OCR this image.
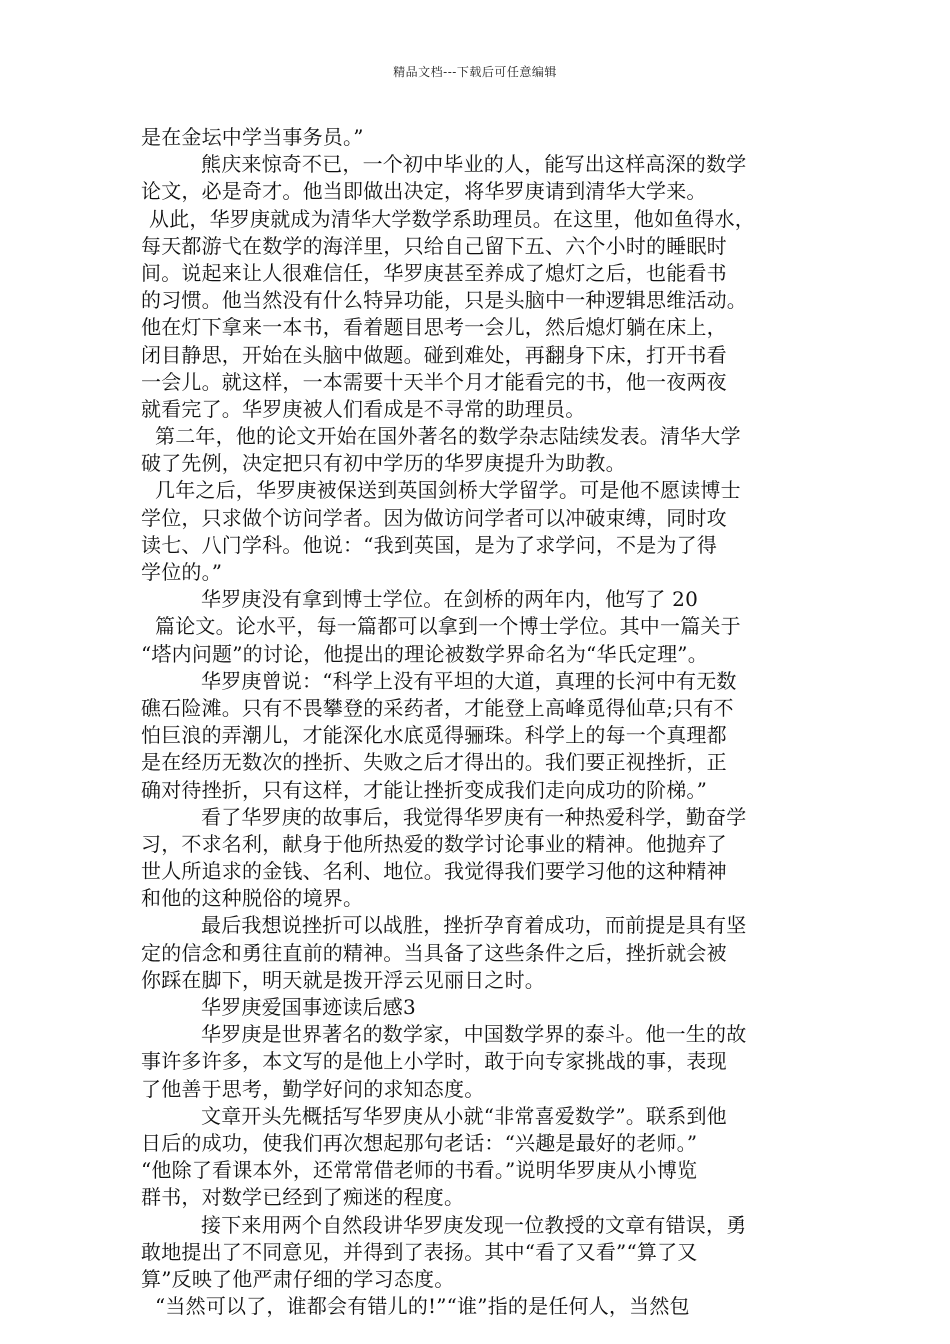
精品文档---下载后可任意编辑
是在金坛中学当事务员。”
熊庆来惊奇不已，一个初中毕业的人，能写出这样高深的数学
论文，必是奇才。他当即做出决定，将华罗庚请到清华大学来。
从此，华罗庚就成为清华大学数学系助理员。在这里，他如鱼得水，
每天都游弋在数学的海洋里，只给自己留下五、六个小时的睡眠时
间。说起来让人很难信任，华罗庚甚至养成了熄灯之后，也能看书
的习惯。他当然没有什么特异功能，只是头脑中一种逻辑思维活动。
他在灯下拿来一本书，看着题目思考一会儿，然后熄灯躺在床上，
闭目静思，开始在头脑中做题。碰到难处，再翻身下床，打开书看
一会儿。就这样，一本需要十天半个月才能看完的书，他一夜两夜
就看完了。华罗庚被人们看成是不寻常的助理员。
第二年，他的论文开始在国外著名的数学杂志陆续发表。清华大学
破了先例，决定把只有初中学历的华罗庚提升为助教。
几年之后，华罗庚被保送到英国剑桥大学留学。可是他不愿读博士
学位，只求做个访问学者。因为做访问学者可以冲破束缚，同时攻
读七、八门学科。他说：“我到英国，是为了求学问，不是为了得
学位的。”
华罗庚没有拿到博士学位。在剑桥的两年内，他写了 20
篇论文。论水平，每一篇都可以拿到一个博士学位。其中一篇关于
“塔内问题”的讨论，他提出的理论被数学界命名为“华氏定理”。
华罗庚曾说：“科学上没有平坦的大道，真理的长河中有无数
礁石险滩。只有不畏攀登的采药者，才能登上高峰觅得仙草;只有不
怕巨浪的弄潮儿，才能深化水底觅得骊珠。科学上的每一个真理都
是在经历无数次的挫折、失败之后才得出的。我们要正视挫折，正
确对待挫折，只有这样，才能让挫折变成我们走向成功的阶梯。”
看了华罗庚的故事后，我觉得华罗庚有一种热爱科学，勤奋学
习，不求名利，献身于他所热爱的数学讨论事业的精神。他抛弃了
世人所追求的金钱、名利、地位。我觉得我们要学习他的这种精神
和他的这种脱俗的境界。
最后我想说挫折可以战胜，挫折孕育着成功，而前提是具有坚
定的信念和勇往直前的精神。当具备了这些条件之后，挫折就会被
你踩在脚下，明天就是拨开浮云见丽日之时。
华罗庚爱国事迹读后感3
华罗庚是世界著名的数学家，中国数学界的泰斗。他一生的故
事许多许多，本文写的是他上小学时，敢于向专家挑战的事，表现
了他善于思考，勤学好问的求知态度。
文章开头先概括写华罗庚从小就“非常喜爱数学”。联系到他
日后的成功，使我们再次想起那句老话：“兴趣是最好的老师。”
“他除了看课本外，还常常借老师的书看。”说明华罗庚从小博览
群书，对数学已经到了痴迷的程度。
接下来用两个自然段讲华罗庚发现一位教授的文章有错误，勇
敢地提出了不同意见，并得到了表扬。其中“看了又看”“算了又
算”反映了他严肃仔细的学习态度。
“当然可以了，谁都会有错儿的!”“谁”指的是任何人，当然包
